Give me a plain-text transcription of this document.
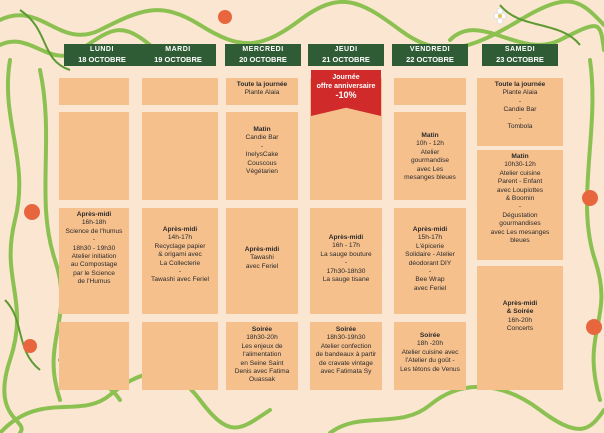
LUNDI
18 OCTOBRE
MARDI
19 OCTOBRE
MERCREDI
20 OCTOBRE
JEUDI
21 OCTOBRE
VENDREDI
22 OCTOBRE
SAMEDI
23 OCTOBRE
Après-midi
16h-18h
Science de l'humus
-
18h30 - 19h30
Atelier initiation
au Compostage
par le Science
de l'Humus
Après-midi
14h-17h
Recyclage papier
& origami avec
La Collecterie
-
Tawashi avec Feriel
Toute la journée
Plante Alaia
Matin
Candie Bar
-
InelysCake
Couscous
Végétarien
Après-midi
Tawashi
avec Feriel
Soirée
18h30-20h
Les enjeux de
l'alimentation
en Seine Saint
Denis avec Fatima
Ouassak
Après-midi
16h - 17h
La sauge bouture
-
17h30-18h30
La sauge tisane
Soirée
18h30-19h30
Atelier confection
de bandeaux à partir
de cravate vintage
avec Fatimata Sy
Journée
offre anniversaire
-10%
Matin
10h - 12h
Atelier
gourmandise
avec Les
mesanges bleues
Après-midi
15h-17h
L'épicerie
Solidaire - Atelier
déodorant DIY
-
Bee Wrap
avec Feriel
Soirée
18h -20h
Atelier cuisine avec
l'Atelier du goût -
Les tétons de Venus
Toute la journée
Plante Alaia
-
Candie Bar
-
Tombola
Matin
10h30-12h
Atelier cuisine
Parent - Enfant
avec Loupiottes
& Boomin
-
Dégustation
gourmandises
avec Les mesanges
bleues
Après-midi
& Soirée
16h-20h
Concerts
